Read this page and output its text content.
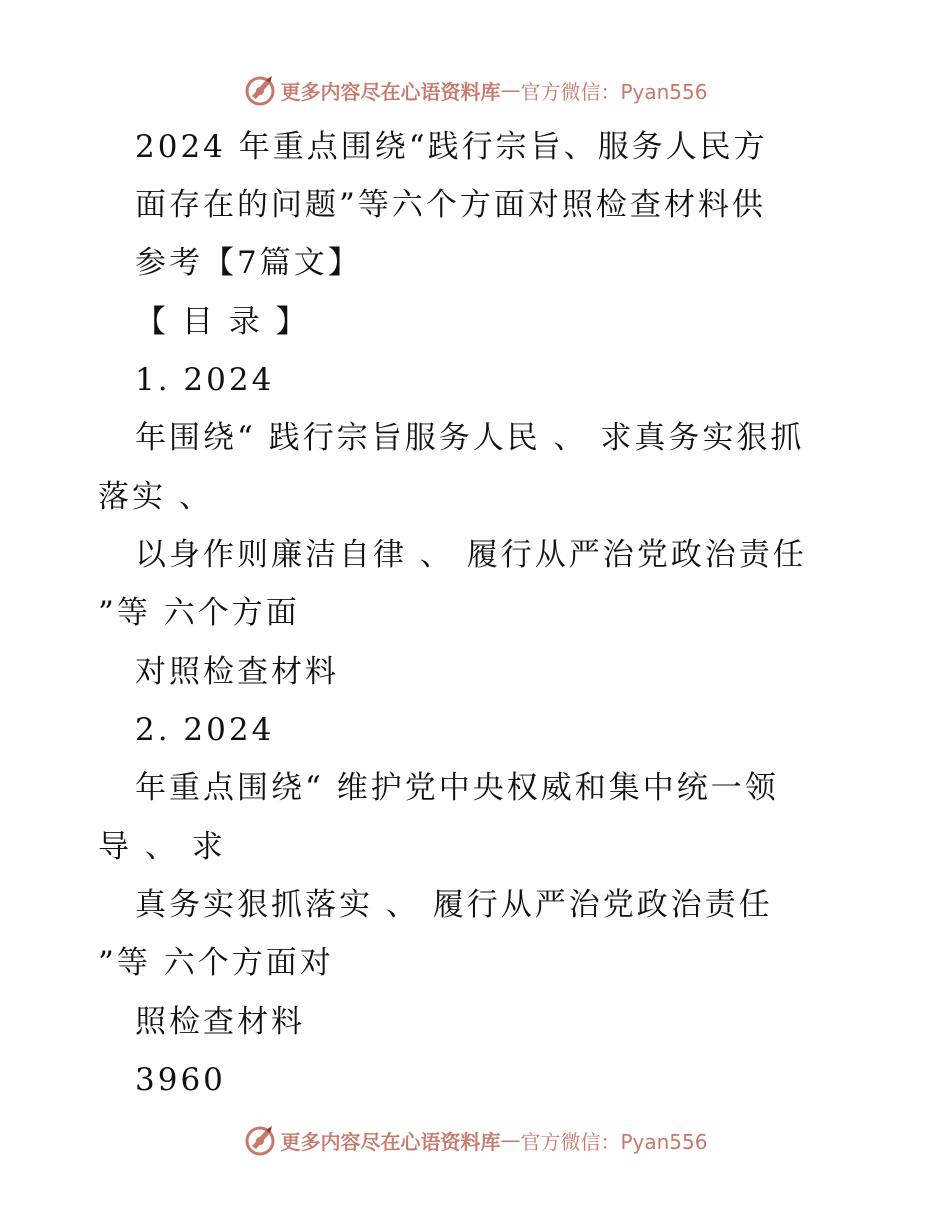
更多内容尽在心语资料库 — 官方微信：Pyan556
2024 年重点围绕“践行宗旨、服务人民方
面存在的问题”等六个方面对照检查材料供
参考【7篇文】
【 目 录 】
1. 2024
年围绕“ 践行宗旨服务人民 、 求真务实狠抓
落实 、
以身作则廉洁自律 、 履行从严治党政治责任
”等 六个方面
对照检查材料
2. 2024
年重点围绕“ 维护党中央权威和集中统一领
导 、 求
真务实狠抓落实 、 履行从严治党政治责任
”等 六个方面对
照检查材料
3960
更多内容尽在心语资料库 — 官方微信：Pyan556
